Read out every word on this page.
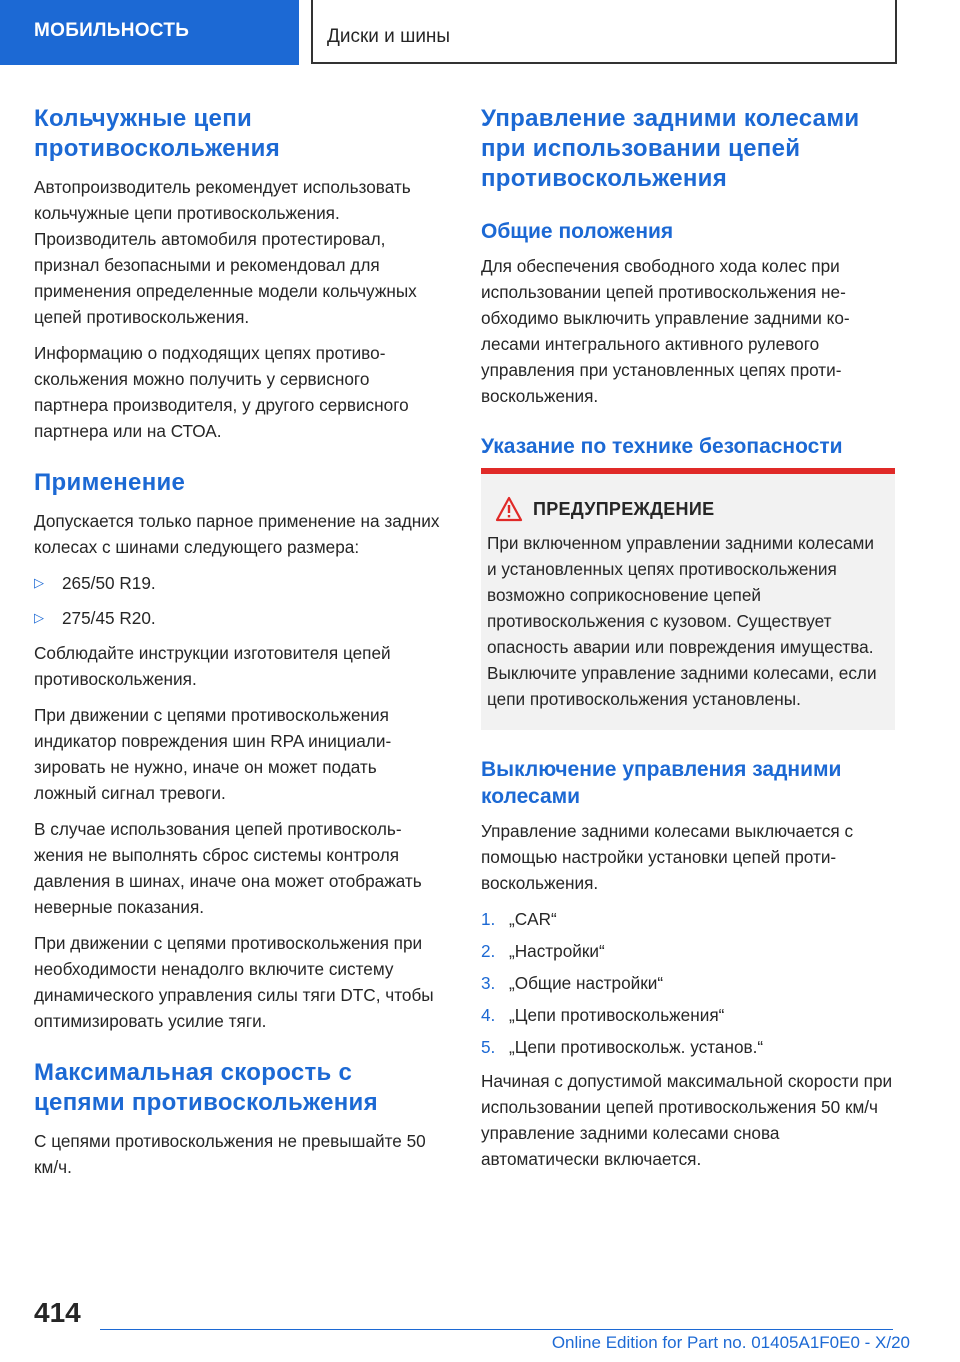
МОБИЛЬНОСТЬ	Диски и шины
Кольчужные цепи противоскольжения

Автопроизводитель рекомендует использовать кольчужные цепи противоскольжения. Производитель автомобиля протестировал, признал безопасными и рекомендовал для применения определенные модели кольчужных цепей противоскольжения.

Информацию о подходящих цепях противоскольжения можно получить у сервисного партнера производителя, у другого сервисного партнера или на СТОА.

Применение

Допускается только парное применение на задних колесах с шинами следующего размера:

▷ 265/50 R19.
▷ 275/45 R20.

Соблюдайте инструкции изготовителя цепей противоскольжения.

При движении с цепями противоскольжения индикатор повреждения шин RPA инициализировать не нужно, иначе он может подать ложный сигнал тревоги.

В случае использования цепей противоскольжения не выполнять сброс системы контроля давления в шинах, иначе она может отображать неверные показания.

При движении с цепями противоскольжения при необходимости ненадолго включите систему динамического управления силы тяги DTC, чтобы оптимизировать усилие тяги.

Максимальная скорость с цепями противоскольжения

С цепями противоскольжения не превышайте 50 км/ч.

Управление задними колесами при использовании цепей противоскольжения
Общие положения

Для обеспечения свободного хода колес при использовании цепей противоскольжения необходимо выключить управление задними колесами интегрального активного рулевого управления при установленных цепях противоскольжения.

Указание по технике безопасности
ПРЕДУПРЕЖДЕНИЕ

При включенном управлении задними колесами и установленных цепях противоскольжения возможно соприкосновение цепей противоскольжения с кузовом. Существует опасность аварии или повреждения имущества. Выключите управление задними колесами, если цепи противоскольжения установлены.

Выключение управления задними колесами

Управление задними колесами выключается с помощью настройки установки цепей противоскольжения.

1. „CAR“
2. „Настройки“
3. „Общие настройки“
4. „Цепи противоскольжения“
5. „Цепи противоскольж. установ.“

Начиная с допустимой максимальной скорости при использовании цепей противоскольжения 50 км/ч управление задними колесами снова автоматически включается.

414
Online Edition for Part no. 01405A1F0E0 - X/20
